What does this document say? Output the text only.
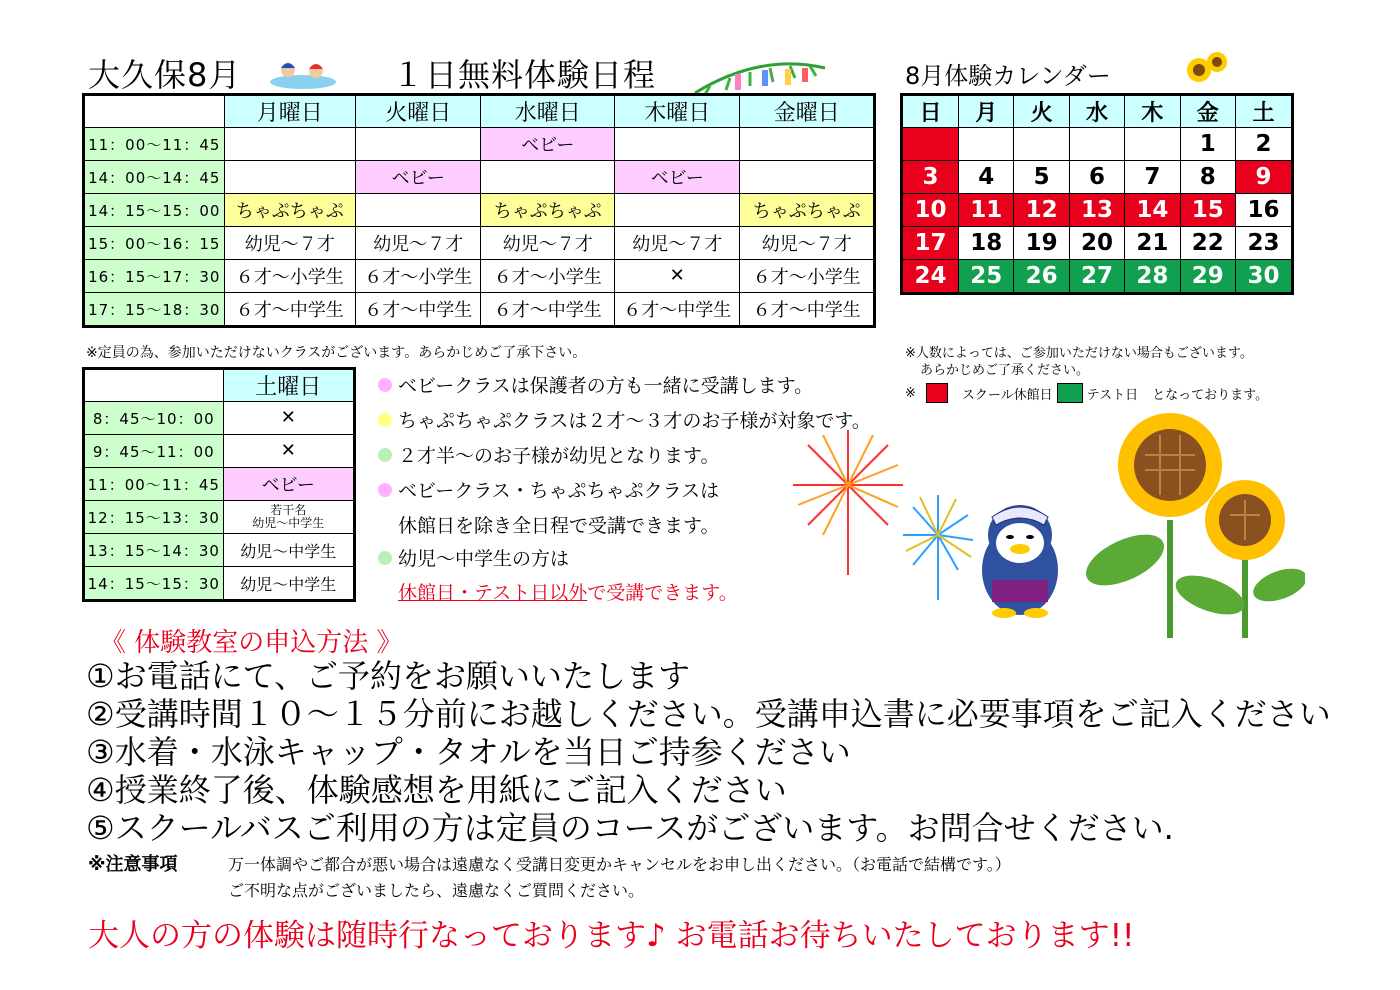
大久保8月	１日無料体験日程	8月体験カレンダー
	月曜日	火曜日	水曜日	木曜日	金曜日
11：00～11：45			ベビー		
14：00～14：45		ベビー		ベビー	
14：15～15：00	ちゃぷちゃぷ		ちゃぷちゃぷ		ちゃぷちゃぷ
15：00～16：15	幼児～７才	幼児～７才	幼児～７才	幼児～７才	幼児～７才
16：15～17：30	６才～小学生	６才～小学生	６才～小学生	✕	６才～小学生
17：15～18：30	６才～中学生	６才～中学生	６才～中学生	６才～中学生	６才～中学生
※定員の為、参加いただけないクラスがございます。あらかじめご了承下さい。
	土曜日
8：45～10：00	✕
9：45～11：00	✕
11：00～11：45	ベビー
12：15～13：30	若干名
幼児～中学生

13：15～14：30	幼児～中学生
14：15～15：30	幼児～中学生
ベビークラスは保護者の方も一緒に受講します。
ちゃぷちゃぷクラスは２才～３才のお子様が対象です。
２才半～のお子様が幼児となります。
ベビークラス・ちゃぷちゃぷクラスは
休館日を除き全日程で受講できます。
幼児～中学生の方は
休館日・テスト日以外 で受講できます。
日	月	火	水	木	金	土
					1	2
3	4	5	6	7	8	9
10	11	12	13	14	15	16
17	18	19	20	21	22	23
24	25	26	27	28	29	30
※人数によっては、ご参加いただけない場合もございます。
あらかじめご了承ください。
※	スクール休館日	テスト日 となっております。
《 体験教室の申込方法 》
①お電話にて、ご予約をお願いいたします
②受講時間１０～１５分前にお越しください。受講申込書に必要事項をご記入ください
③水着・水泳キャップ・タオルを当日ご持参ください
④授業終了後、体験感想を用紙にご記入ください
⑤スクールバスご利用の方は定員のコースがございます。お問合せください.
※注意事項	万一体調やご都合が悪い場合は遠慮なく受講日変更かキャンセルをお申し出ください。（お電話で結構です。）
ご不明な点がございましたら、遠慮なくご質問ください。
大人の方の体験は随時行なっております♪ お電話お待ちいたしております!!
